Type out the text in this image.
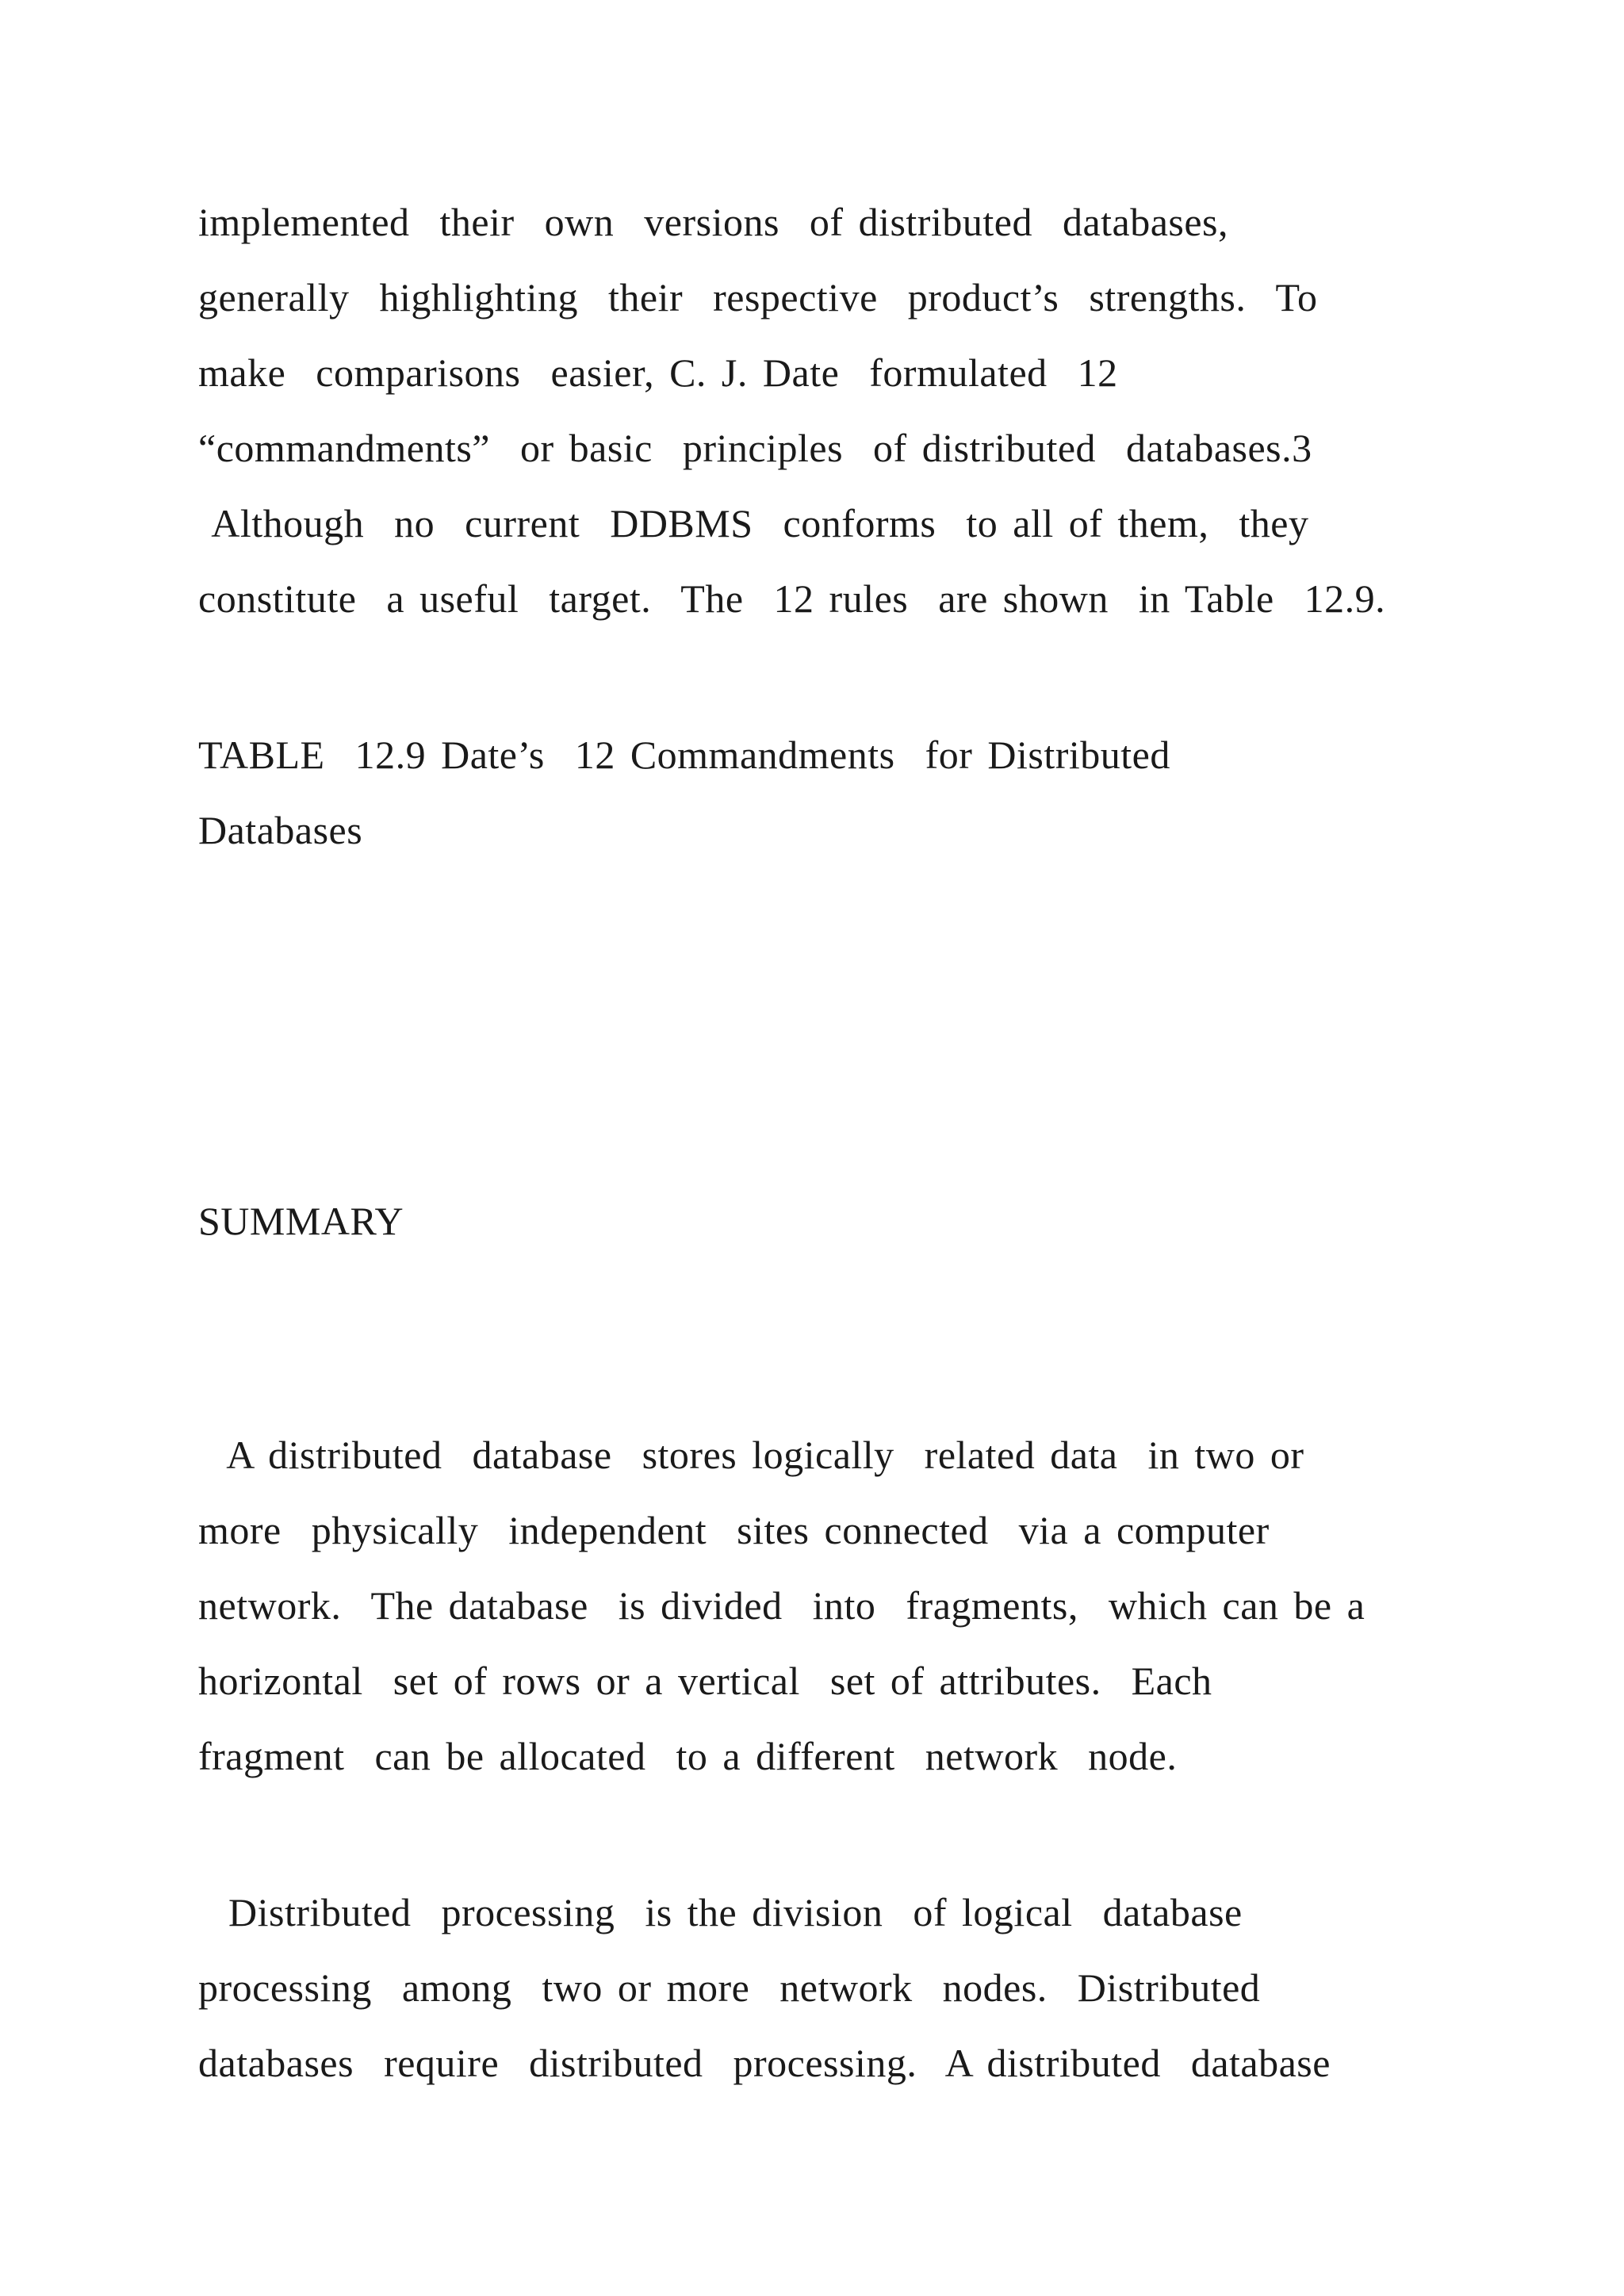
implemented  their  own  versions  of distributed  databases,

generally  highlighting  their  respective  product’s  strengths.  To

make  comparisons  easier, C. J. Date  formulated  12

“commandments”  or basic  principles  of distributed  databases.3

Although  no  current  DDBMS  conforms  to all of them,  they

constitute  a useful  target.  The  12 rules  are shown  in Table  12.9.

TABLE  12.9 Date’s  12 Commandments  for Distributed

Databases

SUMMARY

A distributed  database  stores logically  related data  in two or

more  physically  independent  sites connected  via a computer

network.  The database  is divided  into  fragments,  which can be a

horizontal  set of rows or a vertical  set of attributes.  Each

fragment  can be allocated  to a different  network  node.

Distributed  processing  is the division  of logical  database

processing  among  two or more  network  nodes.  Distributed

databases  require  distributed  processing.  A distributed  database
